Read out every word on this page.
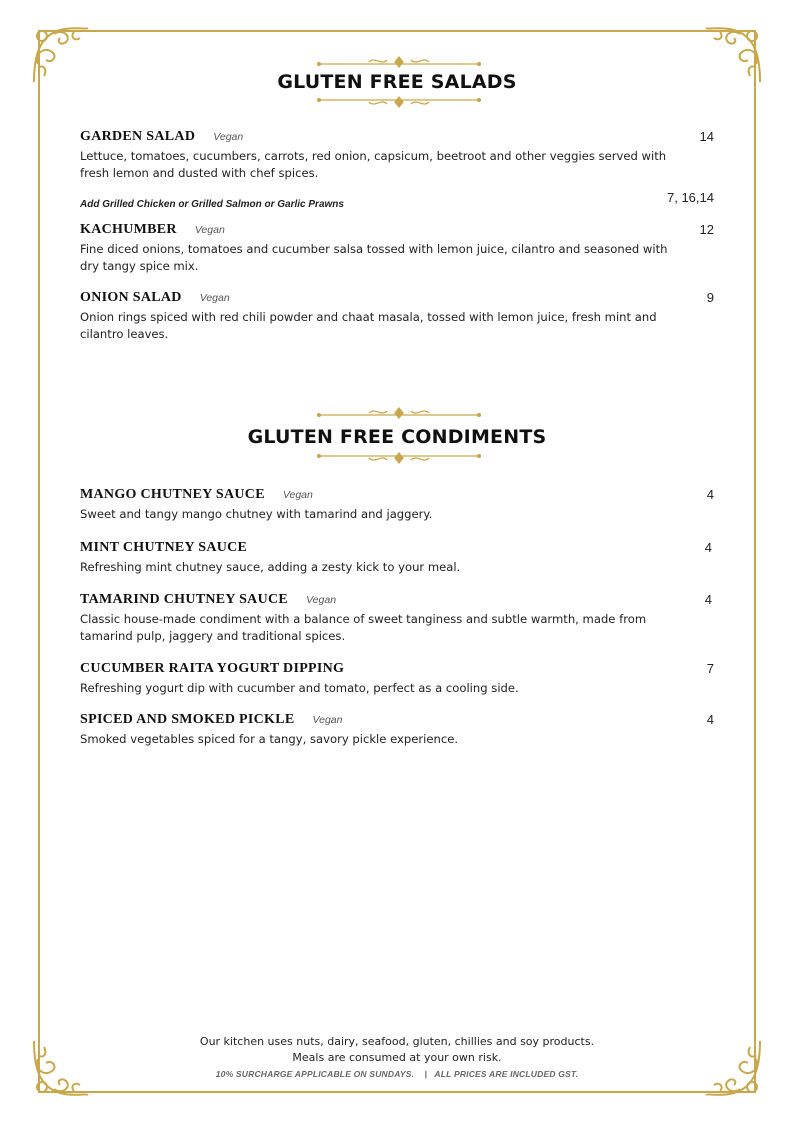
GLUTEN FREE SALADS
GARDEN SALAD Vegan	14
Lettuce, tomatoes, cucumbers, carrots, red onion, capsicum, beetroot and other veggies served with fresh lemon and dusted with chef spices.
Add Grilled Chicken or Grilled Salmon or Garlic Prawns	7, 16,14
KACHUMBER Vegan	12
Fine diced onions, tomatoes and cucumber salsa tossed with lemon juice, cilantro and seasoned with dry tangy spice mix.
ONION SALAD Vegan	9
Onion rings spiced with red chili powder and chaat masala, tossed with lemon juice, fresh mint and cilantro leaves.
GLUTEN FREE CONDIMENTS
MANGO CHUTNEY SAUCE Vegan	4
Sweet and tangy mango chutney with tamarind and jaggery.
MINT CHUTNEY SAUCE	4
Refreshing mint chutney sauce, adding a zesty kick to your meal.
TAMARIND CHUTNEY SAUCE Vegan	4
Classic house-made condiment with a balance of sweet tanginess and subtle warmth, made from tamarind pulp, jaggery and traditional spices.
CUCUMBER RAITA YOGURT DIPPING	7
Refreshing yogurt dip with cucumber and tomato, perfect as a cooling side.
SPICED AND SMOKED PICKLE Vegan	4
Smoked vegetables spiced for a tangy, savory pickle experience.
Our kitchen uses nuts, dairy, seafood, gluten, chillies and soy products.
Meals are consumed at your own risk.
10% SURCHARGE APPLICABLE ON SUNDAYS.    |   ALL PRICES ARE INCLUDED GST.
